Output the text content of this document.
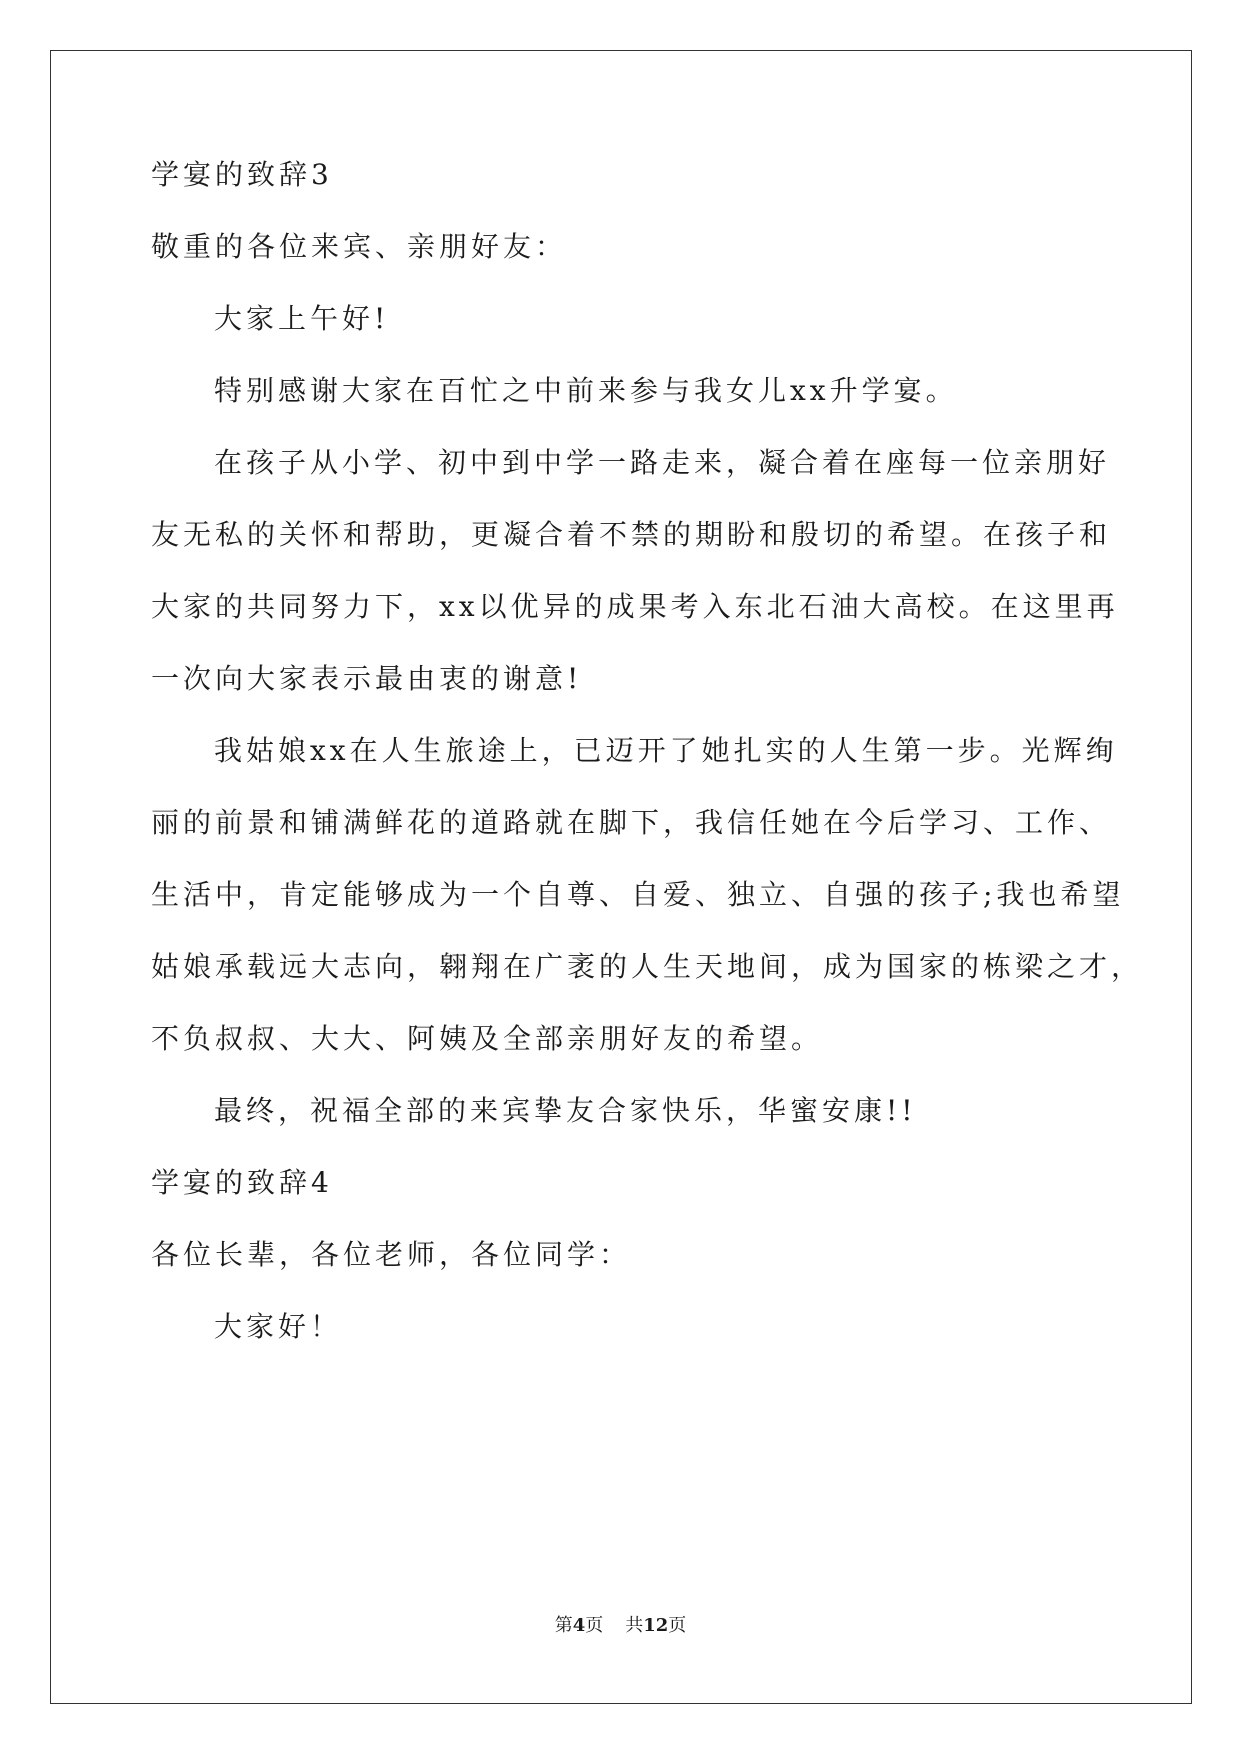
学宴的致辞3
敬重的各位来宾、亲朋好友：
大家上午好!
特别感谢大家在百忙之中前来参与我女儿xx升学宴。
在孩子从小学、初中到中学一路走来，凝合着在座每一位亲朋好
友无私的关怀和帮助，更凝合着不禁的期盼和殷切的希望。在孩子和
大家的共同努力下，xx以优异的成果考入东北石油大高校。在这里再
一次向大家表示最由衷的谢意!
我姑娘xx在人生旅途上，已迈开了她扎实的人生第一步。光辉绚
丽的前景和铺满鲜花的道路就在脚下，我信任她在今后学习、工作、
生活中，肯定能够成为一个自尊、自爱、独立、自强的孩子;我也希望
姑娘承载远大志向，翱翔在广袤的人生天地间，成为国家的栋梁之才，
不负叔叔、大大、阿姨及全部亲朋好友的希望。
最终，祝福全部的来宾挚友合家快乐，华蜜安康!!
学宴的致辞4
各位长辈，各位老师，各位同学：
大家好！
第4页 共12页
